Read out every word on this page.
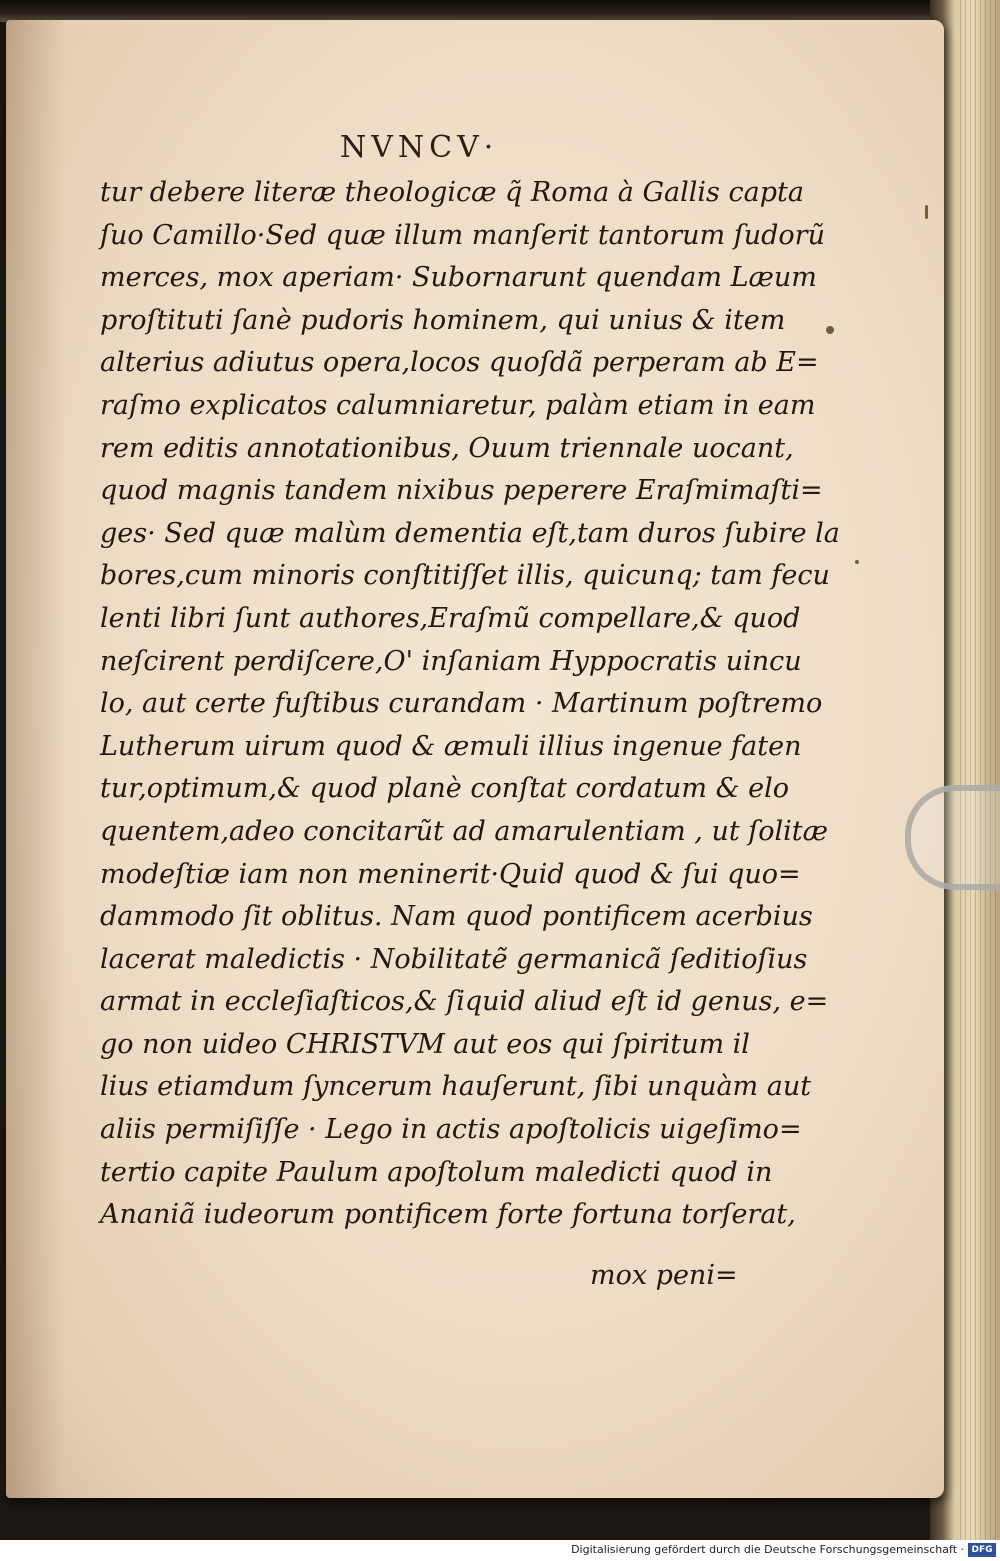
NVNCV·
tur debere literæ theologicæ q̃ Roma à Gallis capta
ſuo Camillo·Sed quæ illum manſerit tantorum ſudorũ
merces, mox aperiam· Subornarunt quendam Læum
proſtituti ſanè pudoris hominem, qui unius & item
alterius adiutus opera,locos quoſdã perperam ab E=
raſmo explicatos calumniaretur, palàm etiam in eam
rem editis annotationibus, Ouum triennale uocant,
quod magnis tandem nixibus peperere Eraſmimaſti=
ges· Sed quæ malùm dementia eſt,tam duros ſubire la
bores,cum minoris conſtitiſſet illis, quicunq; tam fecu
lenti libri ſunt authores,Eraſmũ compellare,& quod
neſcirent perdiſcere,O' inſaniam Hyppocratis uincu
lo, aut certe fuſtibus curandam · Martinum poſtremo
Lutherum uirum quod & æmuli illius ingenue faten
tur,optimum,& quod planè conſtat cordatum & elo
quentem,adeo concitarũt ad amarulentiam , ut ſolitæ
modeſtiæ iam non meninerit·Quid quod & ſui quo=
dammodo ſit oblitus. Nam quod pontificem acerbius
lacerat maledictis · Nobilitatẽ germanicã ſeditioſius
armat in eccleſiaſticos,& ſiquid aliud eſt id genus, e=
go non uideo CHRISTVM aut eos qui ſpiritum il
lius etiamdum ſyncerum hauſerunt, ſibi unquàm aut
aliis permiſiſſe · Lego in actis apoſtolicis uigeſimo=
tertio capite Paulum apoſtolum maledicti quod in
Ananiã iudeorum pontificem forte fortuna torſerat,
mox peni=
Digitalisierung gefördert durch die Deutsche Forschungsgemeinschaft · DFG
